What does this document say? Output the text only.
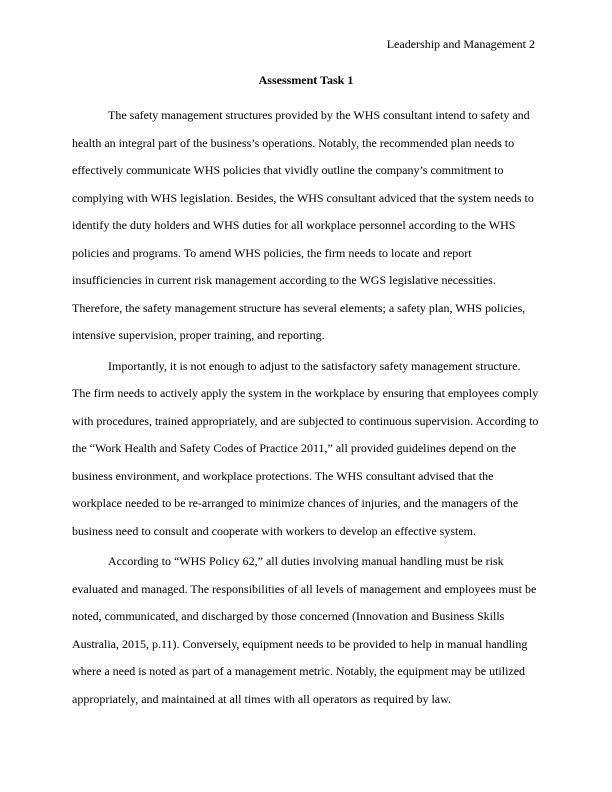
Leadership and Management 2
Assessment Task 1

The safety management structures provided by the WHS consultant intend to safety and
health an integral part of the business’s operations. Notably, the recommended plan needs to
effectively communicate WHS policies that vividly outline the company’s commitment to
complying with WHS legislation. Besides, the WHS consultant adviced that the system needs to
identify the duty holders and WHS duties for all workplace personnel according to the WHS
policies and programs. To amend WHS policies, the firm needs to locate and report
insufficiencies in current risk management according to the WGS legislative necessities.
Therefore, the safety management structure has several elements; a safety plan, WHS policies,
intensive supervision, proper training, and reporting.

Importantly, it is not enough to adjust to the satisfactory safety management structure.
The firm needs to actively apply the system in the workplace by ensuring that employees comply
with procedures, trained appropriately, and are subjected to continuous supervision. According to
the “Work Health and Safety Codes of Practice 2011,” all provided guidelines depend on the
business environment, and workplace protections. The WHS consultant advised that the
workplace needed to be re-arranged to minimize chances of injuries, and the managers of the
business need to consult and cooperate with workers to develop an effective system.

According to “WHS Policy 62,” all duties involving manual handling must be risk
evaluated and managed. The responsibilities of all levels of management and employees must be
noted, communicated, and discharged by those concerned (Innovation and Business Skills
Australia, 2015, p.11). Conversely, equipment needs to be provided to help in manual handling
where a need is noted as part of a management metric. Notably, the equipment may be utilized
appropriately, and maintained at all times with all operators as required by law.
